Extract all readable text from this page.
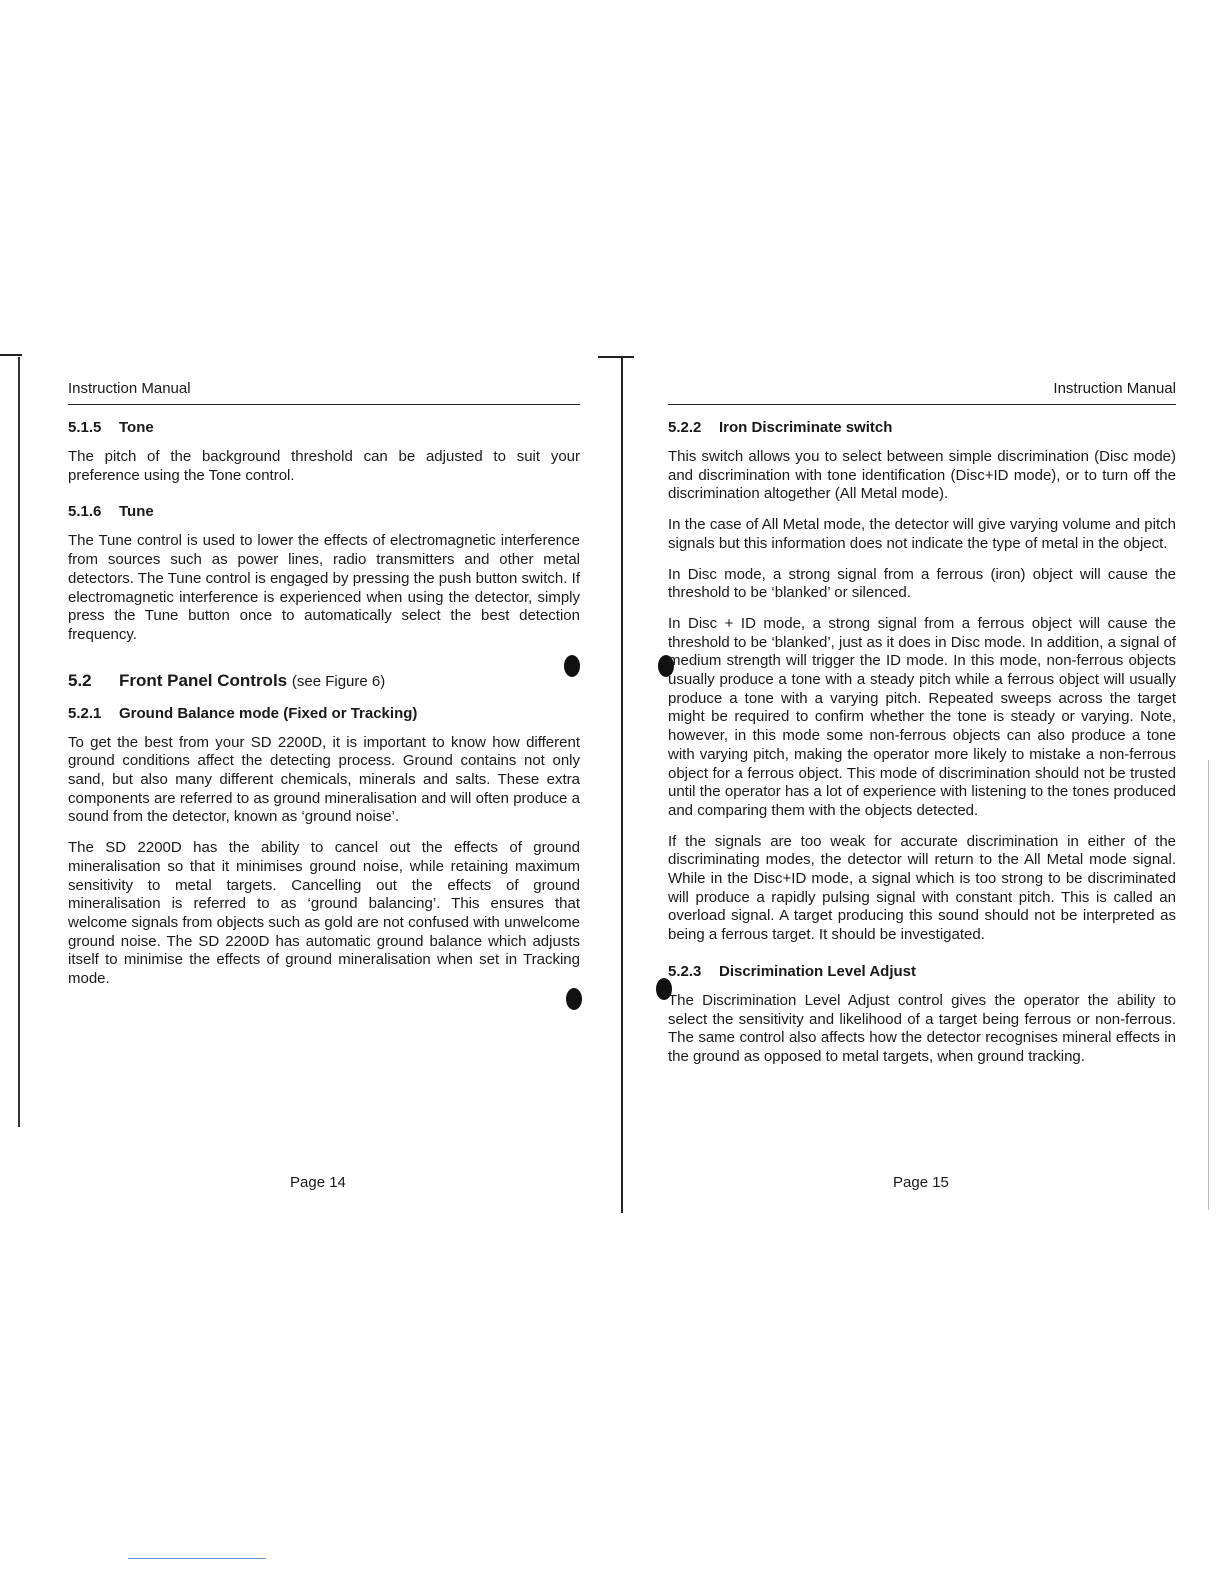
Instruction Manual
5.1.5 Tone

The pitch of the background threshold can be adjusted to suit your preference using the Tone control.

5.1.6 Tune

The Tune control is used to lower the effects of electromagnetic interference from sources such as power lines, radio transmitters and other metal detectors. The Tune control is engaged by pressing the push button switch. If electromagnetic interference is experienced when using the detector, simply press the Tune button once to automatically select the best detection frequency.

5.2 Front Panel Controls (see Figure 6)
5.2.1 Ground Balance mode (Fixed or Tracking)

To get the best from your SD 2200D, it is important to know how different ground conditions affect the detecting process. Ground contains not only sand, but also many different chemicals, minerals and salts. These extra components are referred to as ground mineralisation and will often produce a sound from the detector, known as ‘ground noise’.

The SD 2200D has the ability to cancel out the effects of ground mineralisation so that it minimises ground noise, while retaining maximum sensitivity to metal targets. Cancelling out the effects of ground mineralisation is referred to as ‘ground balancing’. This ensures that welcome signals from objects such as gold are not confused with unwelcome ground noise. The SD 2200D has automatic ground balance which adjusts itself to minimise the effects of ground mineralisation when set in Tracking mode.

Instruction Manual
5.2.2 Iron Discriminate switch

This switch allows you to select between simple discrimination (Disc mode) and discrimination with tone identification (Disc+ID mode), or to turn off the discrimination altogether (All Metal mode).

In the case of All Metal mode, the detector will give varying volume and pitch signals but this information does not indicate the type of metal in the object.

In Disc mode, a strong signal from a ferrous (iron) object will cause the threshold to be ‘blanked’ or silenced.

In Disc + ID mode, a strong signal from a ferrous object will cause the threshold to be ‘blanked’, just as it does in Disc mode. In addition, a signal of medium strength will trigger the ID mode. In this mode, non-ferrous objects usually produce a tone with a steady pitch while a ferrous object will usually produce a tone with a varying pitch. Repeated sweeps across the target might be required to confirm whether the tone is steady or varying. Note, however, in this mode some non-ferrous objects can also produce a tone with varying pitch, making the operator more likely to mistake a non-ferrous object for a ferrous object. This mode of discrimination should not be trusted until the operator has a lot of experience with listening to the tones produced and comparing them with the objects detected.

If the signals are too weak for accurate discrimination in either of the discriminating modes, the detector will return to the All Metal mode signal. While in the Disc+ID mode, a signal which is too strong to be discriminated will produce a rapidly pulsing signal with constant pitch. This is called an overload signal. A target producing this sound should not be interpreted as being a ferrous target. It should be investigated.

5.2.3 Discrimination Level Adjust

The Discrimination Level Adjust control gives the operator the ability to select the sensitivity and likelihood of a target being ferrous or non-ferrous. The same control also affects how the detector recognises mineral effects in the ground as opposed to metal targets, when ground tracking.

Page 14	Page 15
